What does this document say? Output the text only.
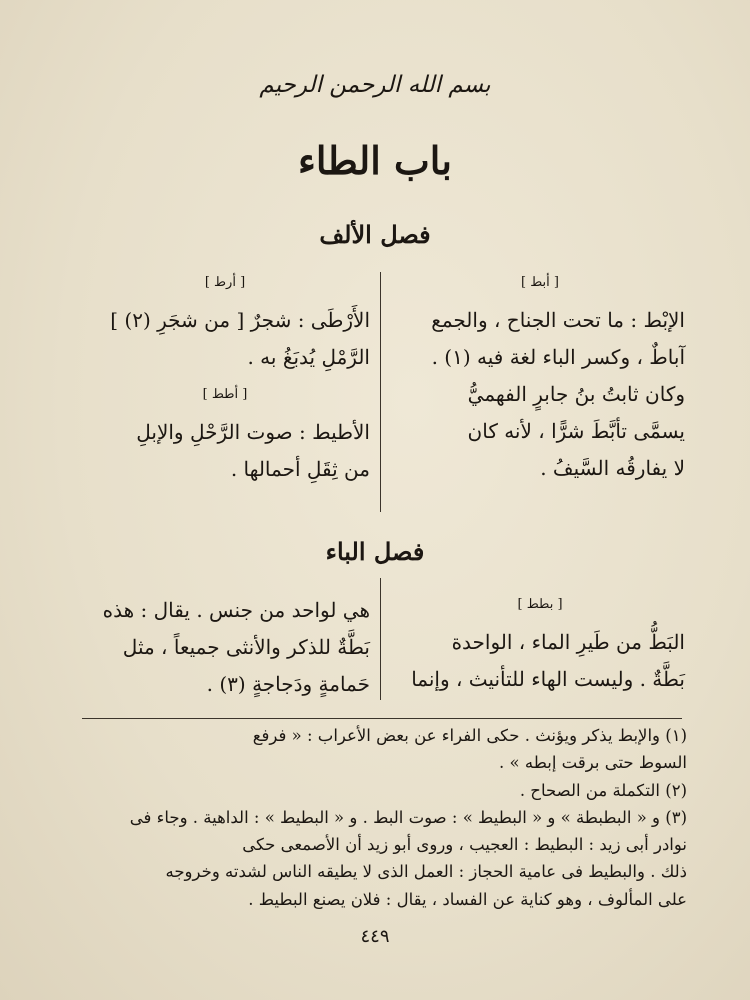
بسم الله الرحمن الرحيم
باب الطاء
فصل الألف
[ أبط ]

الإبْط : ما تحت الجناح ، والجمع

آباطٌ ، وكسر الباء لغة فيه (١) .

وكان ثابتُ بنُ جابرٍ الفهميُّ

يسمَّى تأبَّطَ شرًّا ، لأنه كان

لا يفارقُه السَّيفُ .

[ أرط ]

الأَرْطَى : شجرٌ [ من شجَرِ (٢) ]

الرَّمْلِ يُدبَغُ به .

[ أطط ]

الأطيط : صوت الرَّحْلِ والإبلِ

من ثِقَلِ أحمالها .

فصل الباء
[ بطط ]

البَطُّ من طَيرِ الماء ، الواحدة

بَطَّةٌ . وليست الهاء للتأنيث ، وإنما

هي لواحد من جنس . يقال : هذه

بَطَّةٌ للذكر والأنثى جميعاً ، مثل

حَمامةٍ ودَجاجةٍ (٣) .

(١) والإبط يذكر ويؤنث . حكى الفراء عن بعض الأعراب : « فرفع

السوط حتى برقت إبطه » .

(٢) التكملة من الصحاح .

(٣) و « البطبطة » و « البطيط » : صوت البط . و « البطيط » : الداهية . وجاء فى

نوادر أبى زيد : البطيط : العجيب ، وروى أبو زيد أن الأصمعى حكى

ذلك . والبطيط فى عامية الحجاز : العمل الذى لا يطيقه الناس لشدته وخروجه

على المألوف ، وهو كناية عن الفساد ، يقال : فلان يصنع البطيط .

٤٤٩
